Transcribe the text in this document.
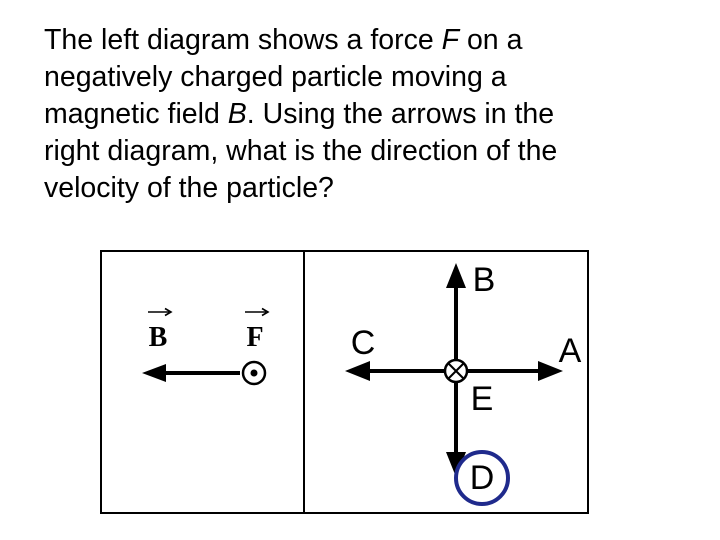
The left diagram shows a force F on a
negatively charged particle moving a
magnetic field B. Using the arrows in the
right diagram, what is the direction of the
velocity of the particle?
B	F
B
C	A
E
D
